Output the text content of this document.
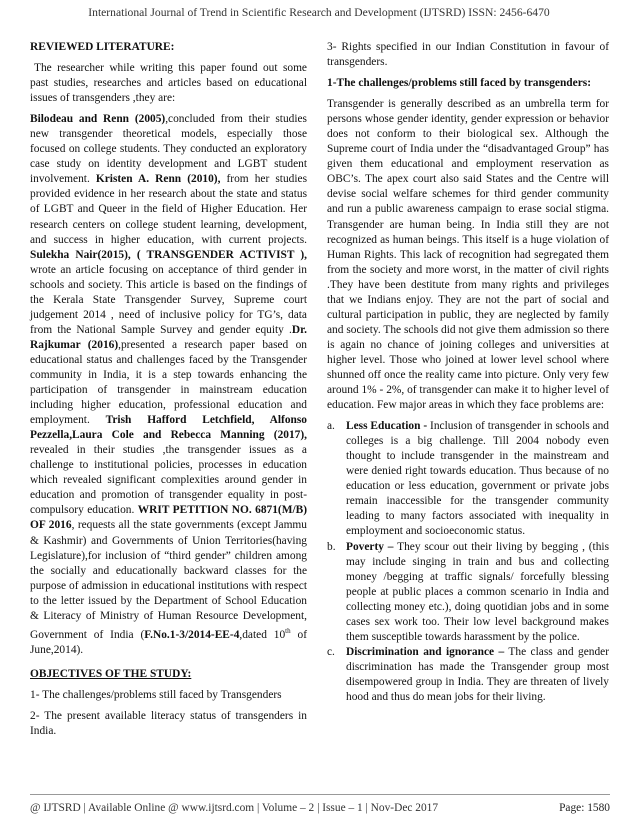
International Journal of Trend in Scientific Research and Development (IJTSRD) ISSN: 2456-6470

REVIEWED LITERATURE:

The researcher while writing this paper found out some past studies, researches and articles based on educational issues of transgenders ,they are:

Bilodeau and Renn (2005),concluded from their studies new transgender theoretical models, especially those focused on college students. They conducted an exploratory case study on identity development and LGBT student involvement. Kristen A. Renn (2010), from her studies provided evidence in her research about the state and status of LGBT and Queer in the field of Higher Education. Her research centers on college student learning, development, and success in higher education, with current projects. Sulekha Nair(2015), ( TRANSGENDER ACTIVIST ), wrote an article focusing on acceptance of third gender in schools and society. This article is based on the findings of the Kerala State Transgender Survey, Supreme court judgement 2014 , need of inclusive policy for TG’s, data from the National Sample Survey and gender equity .Dr. Rajkumar (2016),presented a research paper based on educational status and challenges faced by the Transgender community in India, it is a step towards enhancing the participation of transgender in mainstream education including higher education, professional education and employment. Trish Hafford Letchfield, Alfonso Pezzella,Laura Cole and Rebecca Manning (2017), revealed in their studies ,the transgender issues as a challenge to institutional policies, processes in education which revealed significant complexities around gender in education and promotion of transgender equality in post-compulsory education. WRIT PETITION NO. 6871(M/B) OF 2016, requests all the state governments (except Jammu & Kashmir) and Governments of Union Territories(having Legislature),for inclusion of “third gender” children among the socially and educationally backward classes for the purpose of admission in educational institutions with respect to the letter issued by the Department of School Education & Literacy of Ministry of Human Resource Development, Government of India (F.No.1-3/2014-EE-4,dated 10th of June,2014).

OBJECTIVES OF THE STUDY:

1- The challenges/problems still faced by Transgenders

2- The present available literacy status of transgenders in India.

3- Rights specified in our Indian Constitution in favour of transgenders.

1-The challenges/problems still faced by transgenders:

Transgender is generally described as an umbrella term for persons whose gender identity, gender expression or behavior does not conform to their biological sex. Although the Supreme court of India under the “disadvantaged Group” has given them educational and employment reservation as OBC’s. The apex court also said States and the Centre will devise social welfare schemes for third gender community and run a public awareness campaign to erase social stigma. Transgender are human being. In India still they are not recognized as human beings. This itself is a huge violation of Human Rights. This lack of recognition had segregated them from the society and more worst, in the matter of civil rights .They have been destitute from many rights and privileges that we Indians enjoy. They are not the part of social and cultural participation in public, they are neglected by family and society. The schools did not give them admission so there is again no chance of joining colleges and universities at higher level. Those who joined at lower level school where shunned off once the reality came into picture. Only very few around 1% - 2%, of transgender can make it to higher level of education. Few major areas in which they face problems are:

a. Less Education - Inclusion of transgender in schools and colleges is a big challenge. Till 2004 nobody even thought to include transgender in the mainstream and were denied right towards education. Thus because of no education or less education, government or private jobs remain inaccessible for the transgender community leading to many factors associated with inequality in employment and socioeconomic status.
b. Poverty – They scour out their living by begging , (this may include singing in train and bus and collecting money /begging at traffic signals/ forcefully blessing people at public places a common scenario in India and collecting money etc.), doing quotidian jobs and in some cases sex work too. Their low level background makes them susceptible towards harassment by the police.
c. Discrimination and ignorance – The class and gender discrimination has made the Transgender group most disempowered group in India. They are threaten of lively hood and thus do mean jobs for their living.
@ IJTSRD | Available Online @ www.ijtsrd.com | Volume – 2 | Issue – 1 | Nov-Dec 2017	Page: 1580
